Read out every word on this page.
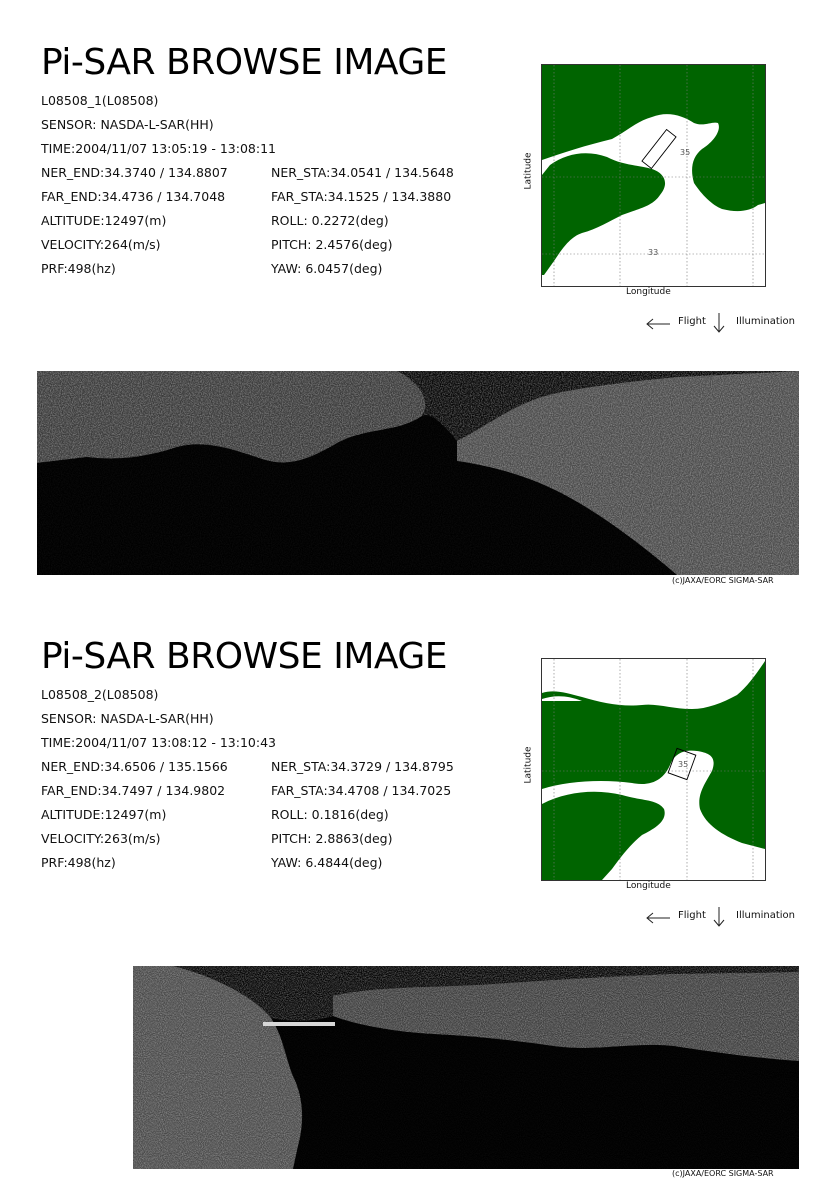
Pi-SAR BROWSE IMAGE
L08508_1(L08508)
SENSOR: NASDA-L-SAR(HH)
TIME:2004/11/07 13:05:19 - 13:08:11
NER_END:34.3740 / 134.8807	NER_STA:34.0541 / 134.5648
FAR_END:34.4736 / 134.7048	FAR_STA:34.1525 / 134.3880
ALTITUDE:12497(m)	ROLL: 0.2272(deg)
VELOCITY:264(m/s)	PITCH: 2.4576(deg)
PRF:498(hz)	YAW: 6.0457(deg)
35
33
Latitude
Longitude
Flight	Illumination
(c)JAXA/EORC SIGMA-SAR
Pi-SAR BROWSE IMAGE
L08508_2(L08508)
SENSOR: NASDA-L-SAR(HH)
TIME:2004/11/07 13:08:12 - 13:10:43
NER_END:34.6506 / 135.1566	NER_STA:34.3729 / 134.8795
FAR_END:34.7497 / 134.9802	FAR_STA:34.4708 / 134.7025
ALTITUDE:12497(m)	ROLL: 0.1816(deg)
VELOCITY:263(m/s)	PITCH: 2.8863(deg)
PRF:498(hz)	YAW: 6.4844(deg)
35
Latitude
Longitude
Flight	Illumination
(c)JAXA/EORC SIGMA-SAR
